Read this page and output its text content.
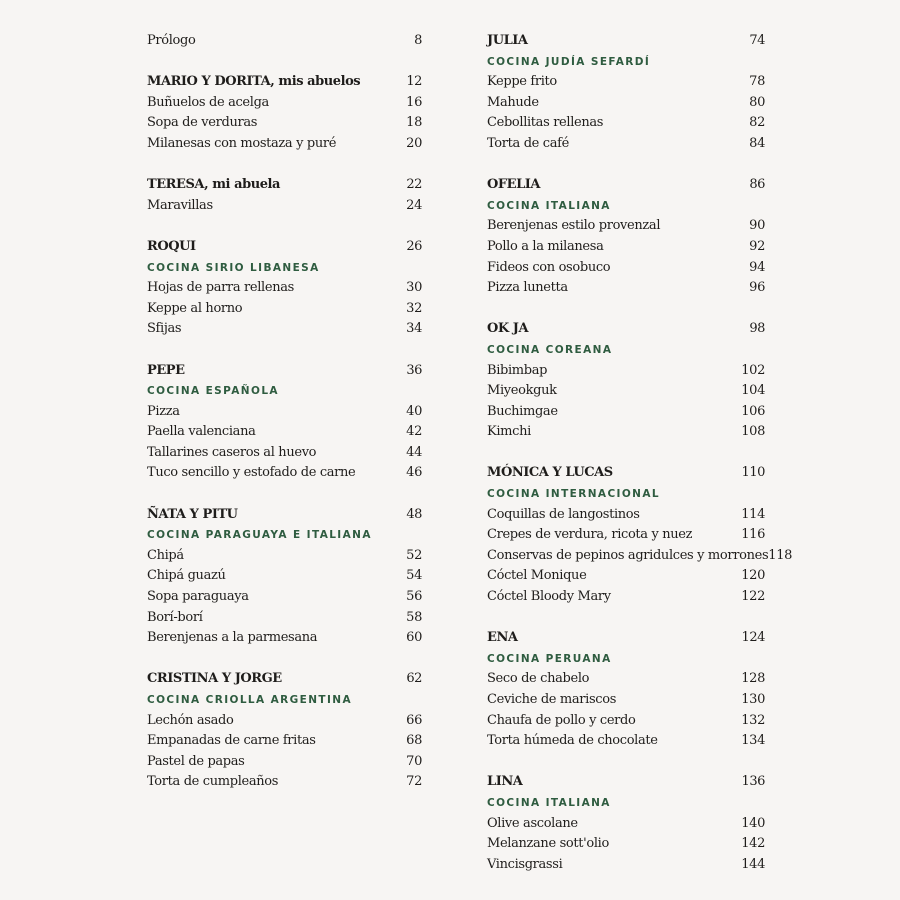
Prólogo	8
MARIO Y DORITA, mis abuelos	12
Buñuelos de acelga	16
Sopa de verduras	18
Milanesas con mostaza y puré	20
TERESA, mi abuela	22
Maravillas	24
ROQUI	26
COCINA SIRIO LIBANESA
Hojas de parra rellenas	30
Keppe al horno	32
Sfijas	34
PEPE	36
COCINA ESPAÑOLA
Pizza	40
Paella valenciana	42
Tallarines caseros al huevo	44
Tuco sencillo y estofado de carne	46
ÑATA Y PITU	48
COCINA PARAGUAYA E ITALIANA
Chipá	52
Chipá guazú	54
Sopa paraguaya	56
Borí-borí	58
Berenjenas a la parmesana	60
CRISTINA Y JORGE	62
COCINA CRIOLLA ARGENTINA
Lechón asado	66
Empanadas de carne fritas	68
Pastel de papas	70
Torta de cumpleaños	72
JULIA	74
COCINA JUDÍA SEFARDÍ
Keppe frito	78
Mahude	80
Cebollitas rellenas	82
Torta de café	84
OFELIA	86
COCINA ITALIANA
Berenjenas estilo provenzal	90
Pollo a la milanesa	92
Fideos con osobuco	94
Pizza lunetta	96
OK JA	98
COCINA COREANA
Bibimbap	102
Miyeokguk	104
Buchimgae	106
Kimchi	108
MÓNICA Y LUCAS	110
COCINA INTERNACIONAL
Coquillas de langostinos	114
Crepes de verdura, ricota y nuez	116
Conservas de pepinos agridulces y morrones 118
Cóctel Monique	120
Cóctel Bloody Mary	122
ENA	124
COCINA PERUANA
Seco de chabelo	128
Ceviche de mariscos	130
Chaufa de pollo y cerdo	132
Torta húmeda de chocolate	134
LINA	136
COCINA ITALIANA
Olive ascolane	140
Melanzane sott'olio	142
Vincisgrassi	144
